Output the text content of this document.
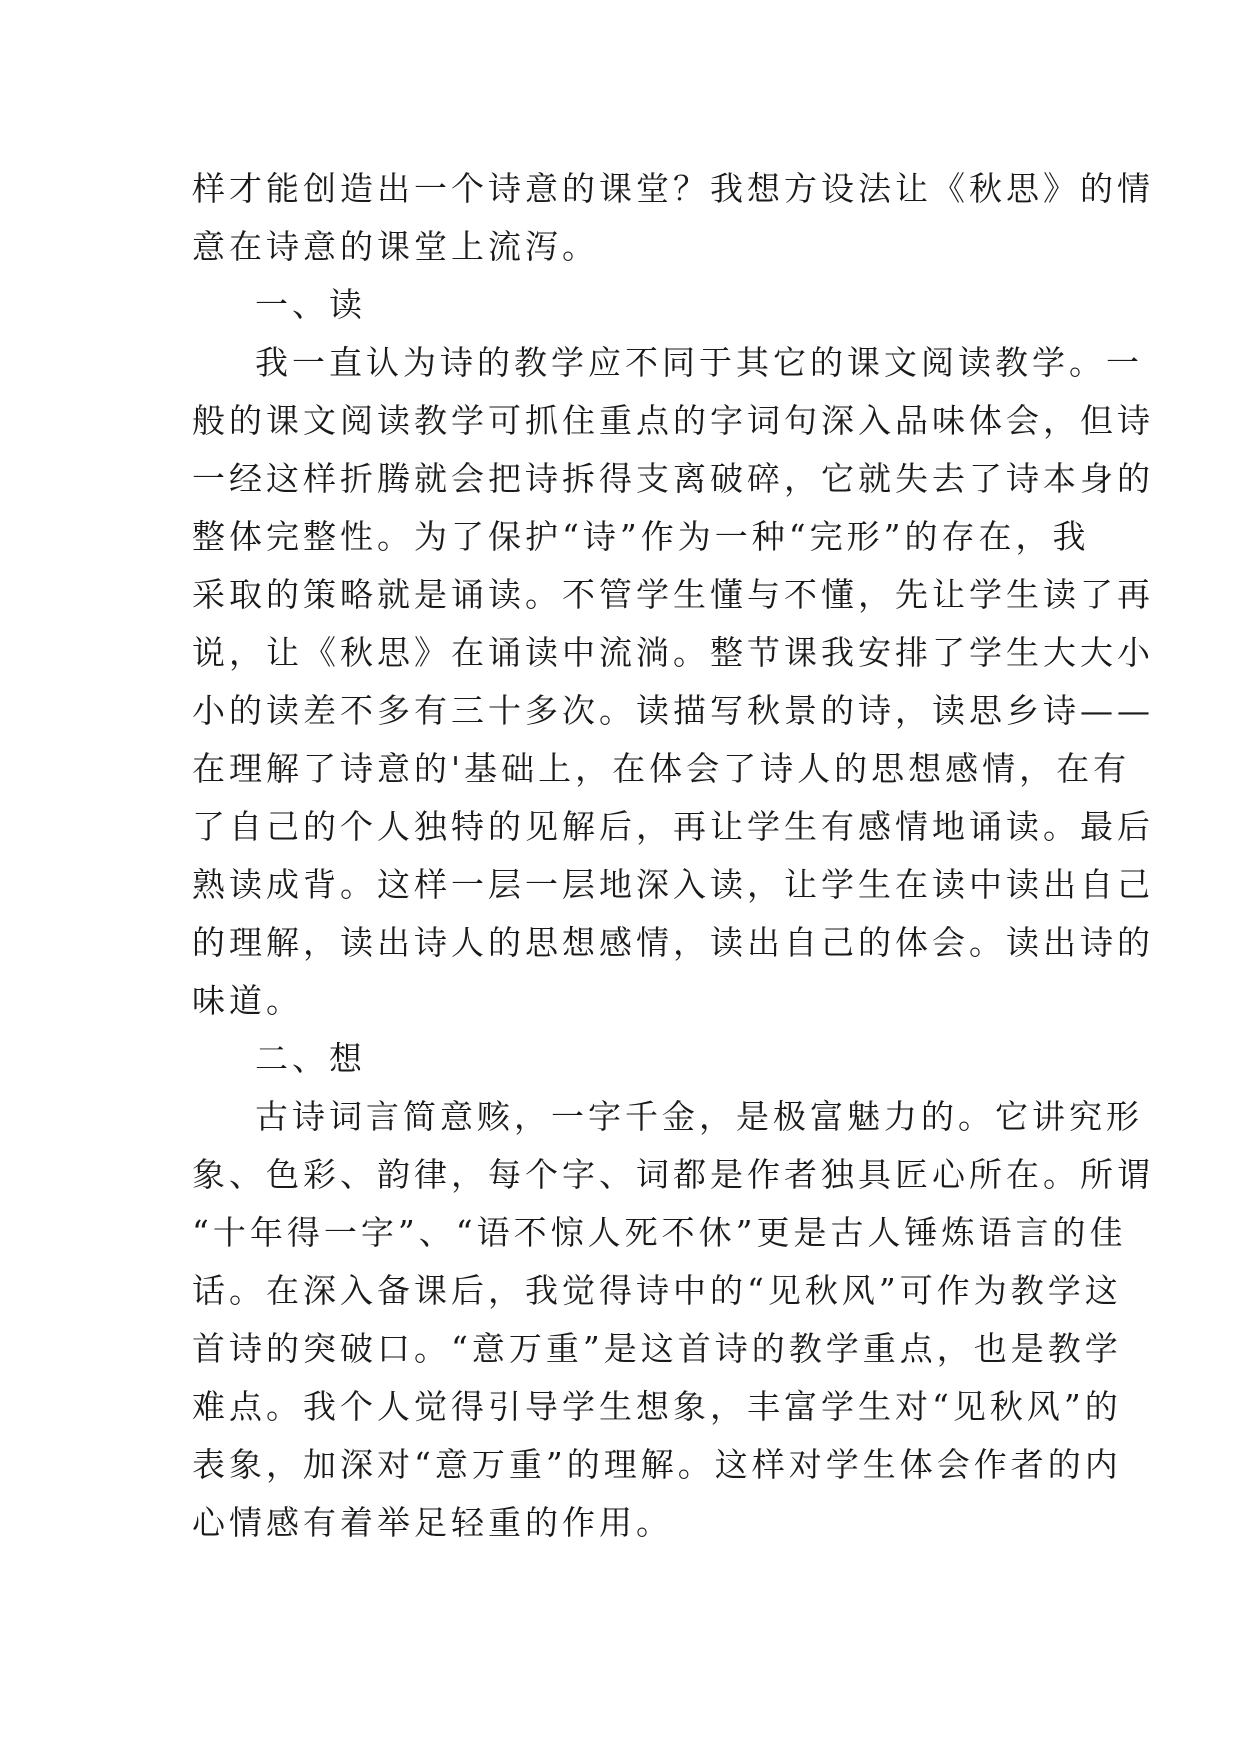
样才能创造出一个诗意的课堂？我想方设法让《秋思》的情
意在诗意的课堂上流泻。
一、读
我一直认为诗的教学应不同于其它的课文阅读教学。一
般的课文阅读教学可抓住重点的字词句深入品味体会，但诗
一经这样折腾就会把诗拆得支离破碎，它就失去了诗本身的
整体完整性。为了保护“诗”作为一种“完形”的存在，我
采取的策略就是诵读。不管学生懂与不懂，先让学生读了再
说，让《秋思》在诵读中流淌。整节课我安排了学生大大小
小的读差不多有三十多次。读描写秋景的诗，读思乡诗——
在理解了诗意的'基础上，在体会了诗人的思想感情，在有
了自己的个人独特的见解后，再让学生有感情地诵读。最后
熟读成背。这样一层一层地深入读，让学生在读中读出自己
的理解，读出诗人的思想感情，读出自己的体会。读出诗的
味道。
二、想
古诗词言简意赅，一字千金，是极富魅力的。它讲究形
象、色彩、韵律，每个字、词都是作者独具匠心所在。所谓
“十年得一字”、“语不惊人死不休”更是古人锤炼语言的佳
话。在深入备课后，我觉得诗中的“见秋风”可作为教学这
首诗的突破口。“意万重”是这首诗的教学重点，也是教学
难点。我个人觉得引导学生想象，丰富学生对“见秋风”的
表象，加深对“意万重”的理解。这样对学生体会作者的内
心情感有着举足轻重的作用。
